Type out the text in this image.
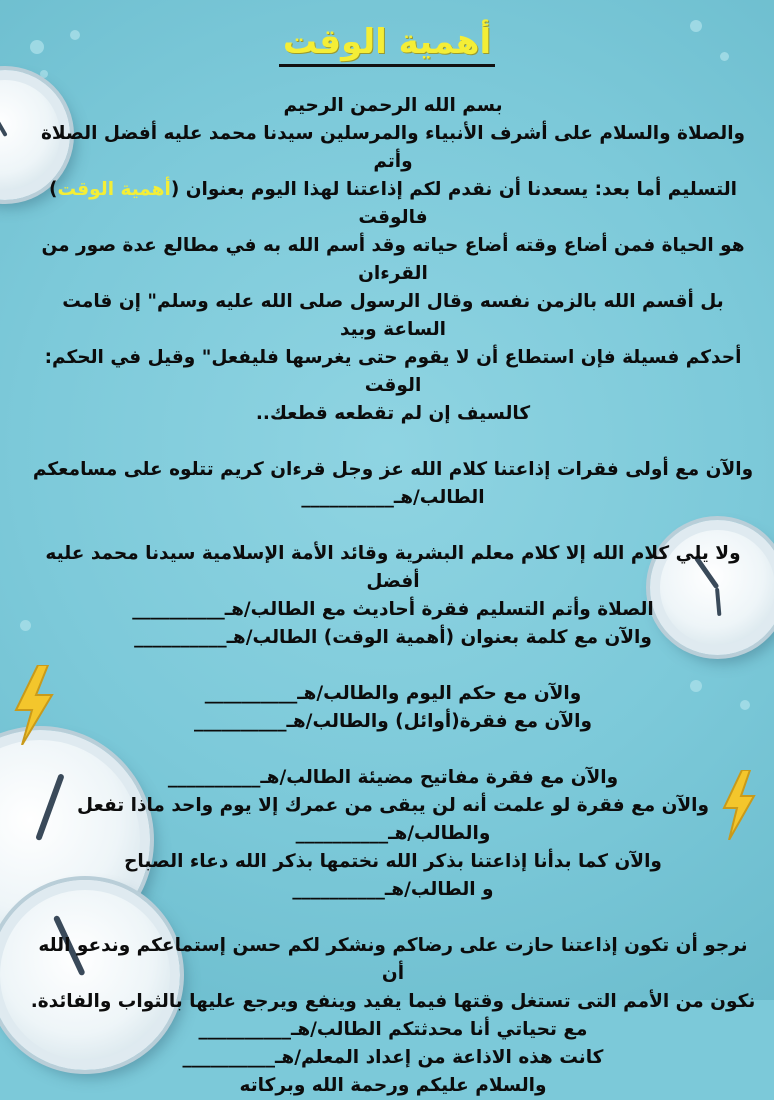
أهمية الوقت

بسم الله الرحمن الرحيم

والصلاة والسلام على أشرف الأنبياء والمرسلين سيدنا محمد عليه أفضل الصلاة وأتم

التسليم أما بعد: يسعدنا أن نقدم لكم إذاعتنا لهذا اليوم بعنوان (أهمية الوقت) فالوقت

هو الحياة فمن أضاع وقته أضاع حياته وقد أسم الله به في مطالع عدة صور من القرءان

بل أقسم الله بالزمن نفسه وقال الرسول صلى الله عليه وسلم" إن قامت الساعة وبيد

أحدكم فسيلة فإن استطاع أن لا يقوم حتى يغرسها فليفعل" وقيل في الحكم: الوقت

كالسيف إن لم تقطعه قطعك..

والآن مع أولى فقرات إذاعتنا كلام الله عز وجل قرءان كريم تتلوه على مسامعكم

الطالب/هـ__________

ولا يلي كلام الله إلا كلام معلم البشرية وقائد الأمة الإسلامية سيدنا محمد عليه أفضل

الصلاة وأتم التسليم فقرة أحاديث مع الطالب/هـ__________

والآن مع كلمة بعنوان (أهمية الوقت) الطالب/هـ__________

والآن مع حكم اليوم والطالب/هـ__________

والآن مع فقرة(أوائل) والطالب/هـ__________

والآن مع فقرة مفاتيح مضيئة الطالب/هـ__________

والآن مع فقرة لو علمت أنه لن يبقى من عمرك إلا يوم واحد ماذا تفعل

والطالب/هـ__________

والآن كما بدأنا إذاعتنا بذكر الله نختمها بذكر الله دعاء الصباح

و الطالب/هـ__________

نرجو أن تكون إذاعتنا حازت على رضاكم ونشكر لكم حسن إستماعكم وندعو الله أن

نكون من الأمم التى تستغل وقتها فيما يفيد وينفع ويرجع عليها بالثواب والفائدة.

مع تحياتي أنا محدثتكم الطالب/هـ__________

كانت هذه الاذاعة من إعداد المعلم/هـ__________

والسلام عليكم ورحمة الله وبركاته
